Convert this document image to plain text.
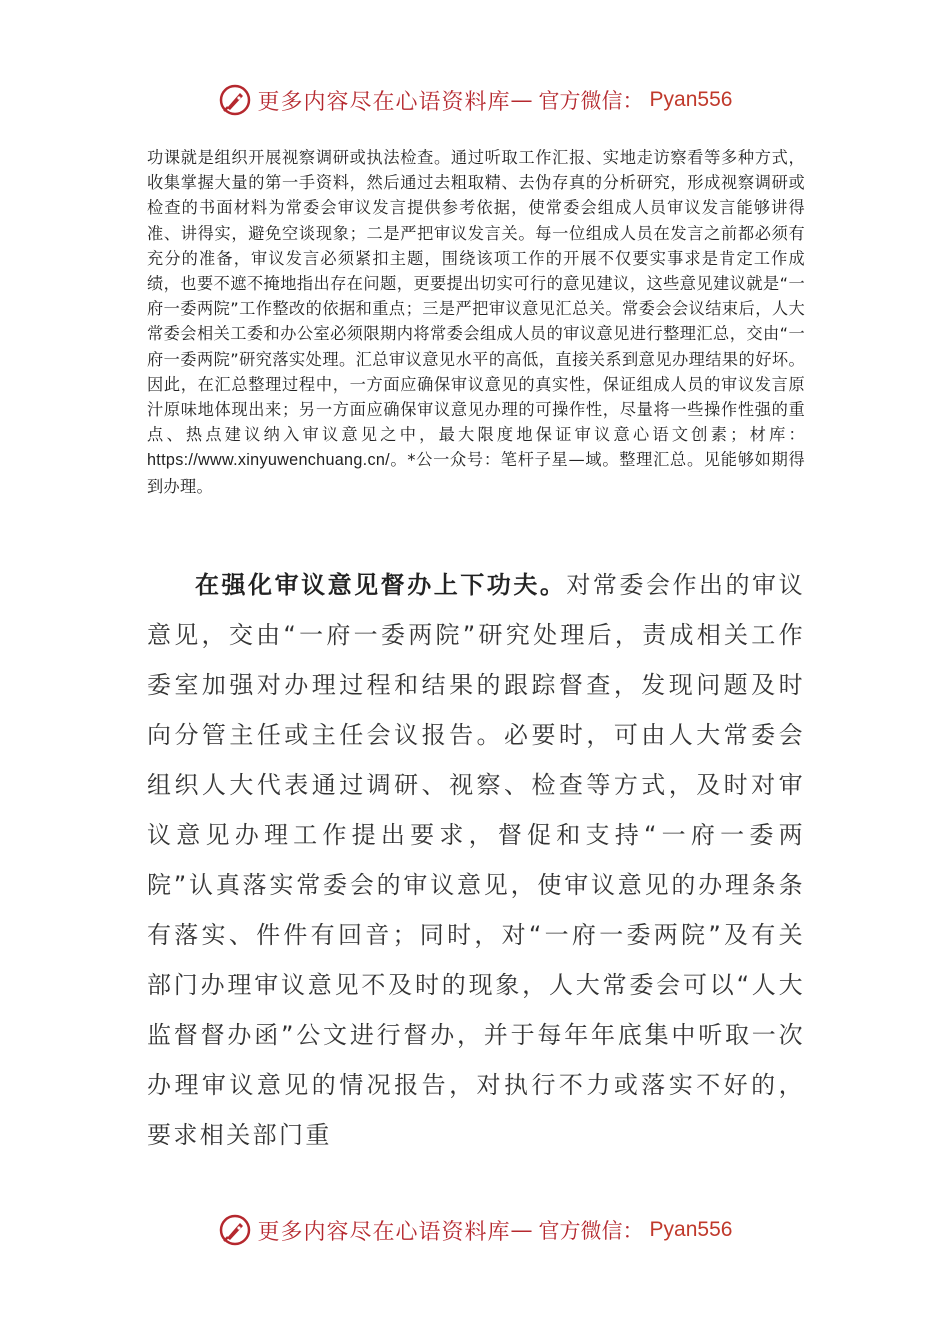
更多内容尽在心语资料库 — 官方微信： Pyan556

功课就是组织开展视察调研或执法检查。通过听取工作汇报、实地走访察看等多种方式，收集掌握大量的第一手资料，然后通过去粗取精、去伪存真的分析研究，形成视察调研或检查的书面材料为常委会审议发言提供参考依据，使常委会组成人员审议发言能够讲得准、讲得实，避免空谈现象；二是严把审议发言关。每一位组成人员在发言之前都必须有充分的准备，审议发言必须紧扣主题，围绕该项工作的开展不仅要实事求是肯定工作成绩，也要不遮不掩地指出存在问题，更要提出切实可行的意见建议，这些意见建议就是“一府一委两院”工作整改的依据和重点；三是严把审议意见汇总关。常委会会议结束后，人大常委会相关工委和办公室必须限期内将常委会组成人员的审议意见进行整理汇总，交由“一府一委两院”研究落实处理。汇总审议意见水平的高低，直接关系到意见办理结果的好坏。因此，在汇总整理过程中，一方面应确保审议意见的真实性，保证组成人员的审议发言原汁原味地体现出来；另一方面应确保审议意见办理的可操作性，尽量将一些操作性强的重点、热点建议纳入审议意见之中，最大限度地保证审议意心语文创素；材库：https://www.xinyuwenchuang.cn/。*公一众号：笔杆子星—域。整理汇总。见能够如期得到办理。

在强化审议意见督办上下功夫。对常委会作出的审议意见，交由“一府一委两院”研究处理后，责成相关工作委室加强对办理过程和结果的跟踪督查，发现问题及时向分管主任或主任会议报告。必要时，可由人大常委会组织人大代表通过调研、视察、检查等方式，及时对审议意见办理工作提出要求，督促和支持“一府一委两院”认真落实常委会的审议意见，使审议意见的办理条条有落实、件件有回音；同时，对“一府一委两院”及有关部门办理审议意见不及时的现象，人大常委会可以“人大监督督办函”公文进行督办，并于每年年底集中听取一次办理审议意见的情况报告，对执行不力或落实不好的，要求相关部门重

更多内容尽在心语资料库 — 官方微信： Pyan556
